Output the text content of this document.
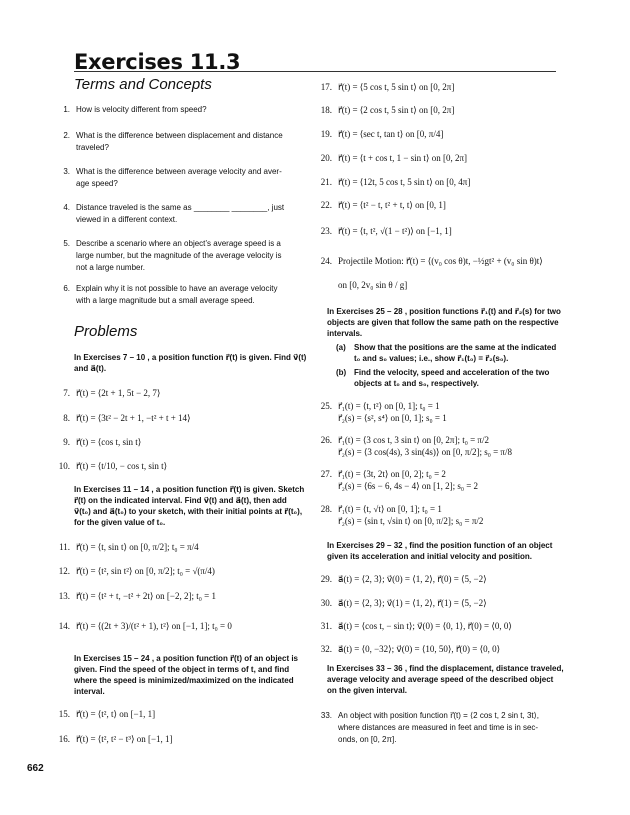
Exercises 11.3
Terms and Concepts
1. How is velocity different from speed?
2. What is the difference between displacement and distance
traveled?
3. What is the difference between average velocity and aver-
age speed?
4. Distance traveled is the same as ________ ________, just
viewed in a different context.
5. Describe a scenario where an object’s average speed is a
large number, but the magnitude of the average velocity is
not a large number.
6. Explain why it is not possible to have an average velocity
with a large magnitude but a small average speed.
Problems
In Exercises 7 – 10 , a position function r⃗(t) is given. Find v⃗(t)
and a⃗(t).
7. r⃗(t) = ⟨2t + 1, 5t − 2, 7⟩
8. r⃗(t) = ⟨3t² − 2t + 1, −t² + t + 14⟩
9. r⃗(t) = ⟨cos t, sin t⟩
10. r⃗(t) = ⟨t/10, − cos t, sin t⟩
In Exercises 11 – 14 , a position function r⃗(t) is given. Sketch
r⃗(t) on the indicated interval. Find v⃗(t) and a⃗(t), then add
v⃗(t₀) and a⃗(t₀) to your sketch, with their initial points at r⃗(t₀),
for the given value of t₀.
11. r⃗(t) = ⟨t, sin t⟩ on [0, π/2]; t₀ = π/4
12. r⃗(t) = ⟨t², sin t²⟩ on [0, π/2]; t₀ = √(π/4)
13. r⃗(t) = ⟨t² + t, −t² + 2t⟩ on [−2, 2]; t₀ = 1
14. r⃗(t) = ⟨(2t + 3)/(t² + 1), t²⟩ on [−1, 1]; t₀ = 0
In Exercises 15 – 24 , a position function r⃗(t) of an object is
given. Find the speed of the object in terms of t, and find
where the speed is minimized/maximized on the indicated
interval.
15. r⃗(t) = ⟨t², t⟩ on [−1, 1]
16. r⃗(t) = ⟨t², t² − t³⟩ on [−1, 1]
17. r⃗(t) = ⟨5 cos t, 5 sin t⟩ on [0, 2π]
18. r⃗(t) = ⟨2 cos t, 5 sin t⟩ on [0, 2π]
19. r⃗(t) = ⟨sec t, tan t⟩ on [0, π/4]
20. r⃗(t) = ⟨t + cos t, 1 − sin t⟩ on [0, 2π]
21. r⃗(t) = ⟨12t, 5 cos t, 5 sin t⟩ on [0, 4π]
22. r⃗(t) = ⟨t² − t, t² + t, t⟩ on [0, 1]
23. r⃗(t) = ⟨t, t², √(1 − t²)⟩ on [−1, 1]
24. Projectile Motion: r⃗(t) = ⟨(v₀ cos θ)t, −½gt² + (v₀ sin θ)t⟩
on [0, 2v₀ sin θ / g]
In Exercises 25 – 28 , position functions r⃗₁(t) and r⃗₂(s) for two
objects are given that follow the same path on the respective
intervals.
(a) Show that the positions are the same at the indicated
t₀ and s₀ values; i.e., show r⃗₁(t₀) = r⃗₂(s₀).
(b) Find the velocity, speed and acceleration of the two
objects at t₀ and s₀, respectively.
25. r⃗₁(t) = ⟨t, t²⟩ on [0, 1]; t₀ = 1
r⃗₂(s) = ⟨s², s⁴⟩ on [0, 1]; s₀ = 1
26. r⃗₁(t) = ⟨3 cos t, 3 sin t⟩ on [0, 2π]; t₀ = π/2
r⃗₂(s) = ⟨3 cos(4s), 3 sin(4s)⟩ on [0, π/2]; s₀ = π/8
27. r⃗₁(t) = ⟨3t, 2t⟩ on [0, 2]; t₀ = 2
r⃗₂(s) = ⟨6s − 6, 4s − 4⟩ on [1, 2]; s₀ = 2
28. r⃗₁(t) = ⟨t, √t⟩ on [0, 1]; t₀ = 1
r⃗₂(s) = ⟨sin t, √sin t⟩ on [0, π/2]; s₀ = π/2
In Exercises 29 – 32 , find the position function of an object
given its acceleration and initial velocity and position.
29. a⃗(t) = ⟨2, 3⟩; v⃗(0) = ⟨1, 2⟩, r⃗(0) = ⟨5, −2⟩
30. a⃗(t) = ⟨2, 3⟩; v⃗(1) = ⟨1, 2⟩, r⃗(1) = ⟨5, −2⟩
31. a⃗(t) = ⟨cos t, − sin t⟩; v⃗(0) = ⟨0, 1⟩, r⃗(0) = ⟨0, 0⟩
32. a⃗(t) = ⟨0, −32⟩; v⃗(0) = ⟨10, 50⟩, r⃗(0) = ⟨0, 0⟩
In Exercises 33 – 36 , find the displacement, distance traveled,
average velocity and average speed of the described object
on the given interval.
33. An object with position function r⃗(t) = ⟨2 cos t, 2 sin t, 3t⟩,
where distances are measured in feet and time is in sec-
onds, on [0, 2π].
662
